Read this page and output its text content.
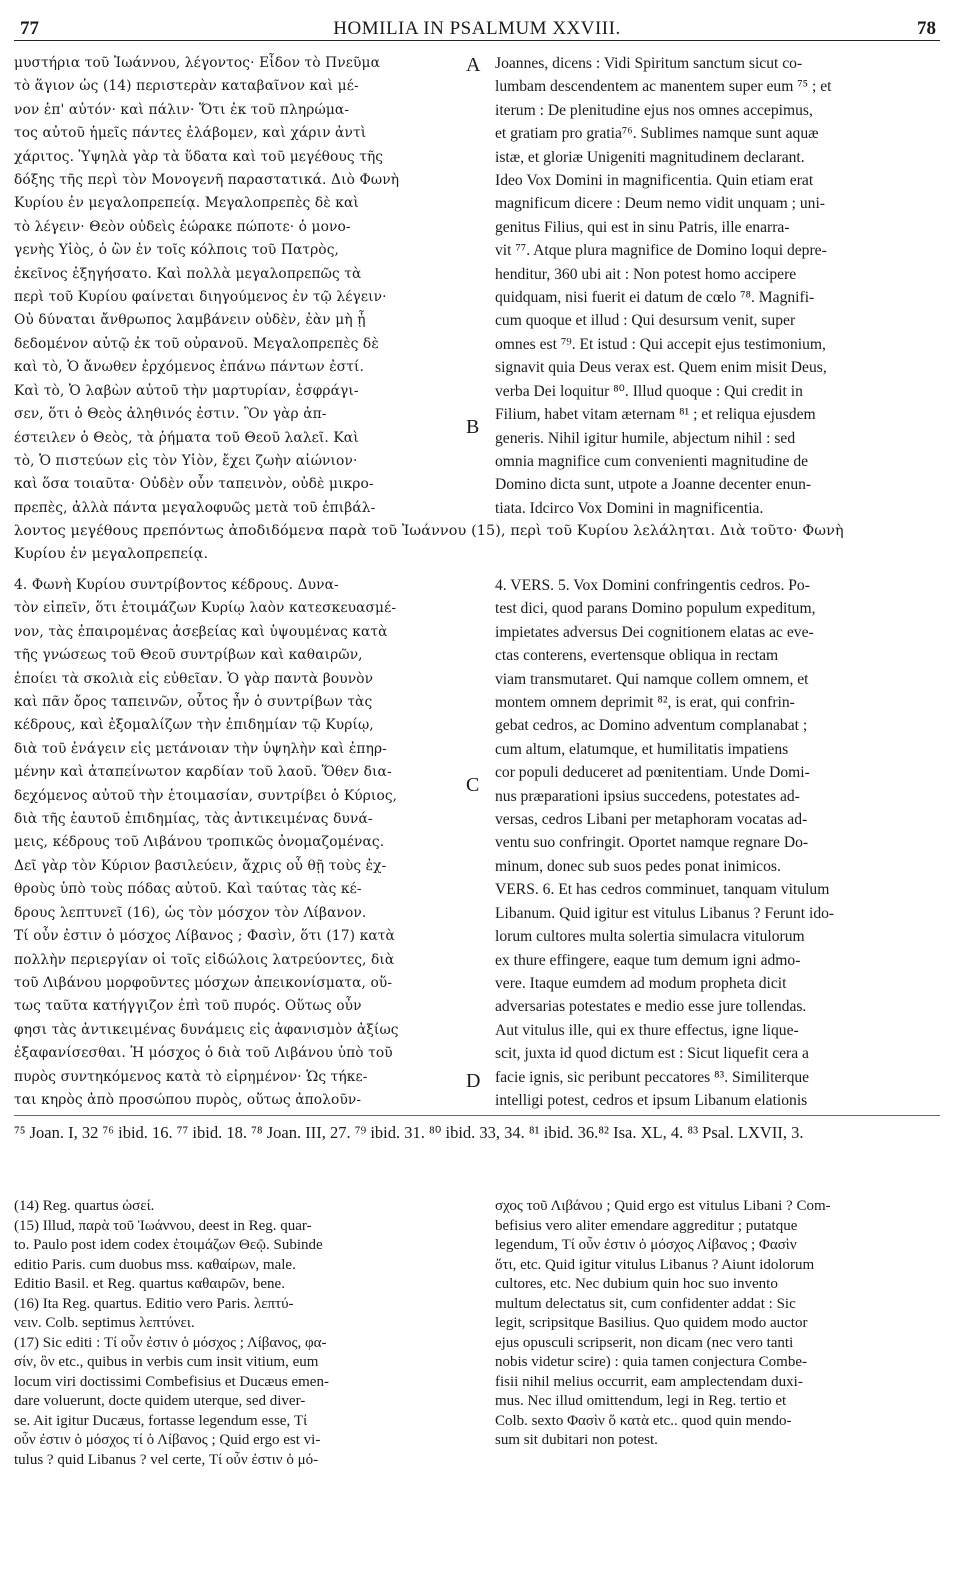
77	HOMILIA IN PSALMUM XXVIII.	78
μυστήρια τοῦ Ἰωάννου, λέγοντος· Εἶδον τὸ Πνεῦμα
τὸ ἅγιον ὡς (14) περιστερὰν καταβαῖνον καὶ μέ-
νον ἐπ' αὐτόν· καὶ πάλιν· Ὅτι ἐκ τοῦ πληρώμα-
τος αὐτοῦ ἡμεῖς πάντες ἐλάβομεν, καὶ χάριν ἀντὶ
χάριτος. Ὑψηλὰ γὰρ τὰ ὕδατα καὶ τοῦ μεγέθους τῆς
δόξης τῆς περὶ τὸν Μονογενῆ παραστατικά. Διὸ Φωνὴ
Κυρίου ἐν μεγαλοπρεπείᾳ. Μεγαλοπρεπὲς δὲ καὶ
τὸ λέγειν· Θεὸν οὐδεὶς ἑώρακε πώποτε· ὁ μονο-
γενὴς Υἱὸς, ὁ ὢν ἐν τοῖς κόλποις τοῦ Πατρὸς,
ἐκεῖνος ἐξηγήσατο. Καὶ πολλὰ μεγαλοπρεπῶς τὰ
περὶ τοῦ Κυρίου φαίνεται διηγούμενος ἐν τῷ λέγειν·
Οὐ δύναται ἄνθρωπος λαμβάνειν οὐδὲν, ἐὰν μὴ ᾖ
δεδομένον αὐτῷ ἐκ τοῦ οὐρανοῦ. Μεγαλοπρεπὲς δὲ
καὶ τὸ, Ὁ ἄνωθεν ἐρχόμενος ἐπάνω πάντων ἐστί.
Καὶ τὸ, Ὁ λαβὼν αὐτοῦ τὴν μαρτυρίαν, ἐσφράγι-
σεν, ὅτι ὁ Θεὸς ἀληθινός ἐστιν. Ὃν γὰρ ἀπ-
έστειλεν ὁ Θεὸς, τὰ ῥήματα τοῦ Θεοῦ λαλεῖ. Καὶ
τὸ, Ὁ πιστεύων εἰς τὸν Υἱὸν, ἔχει ζωὴν αἰώνιον·
καὶ ὅσα τοιαῦτα· Οὐδὲν οὖν ταπεινὸν, οὐδὲ μικρο-
πρεπὲς, ἀλλὰ πάντα μεγαλοφυῶς μετὰ τοῦ ἐπιβάλ-
Joannes, dicens : Vidi Spiritum sanctum sicut co-
lumbam descendentem ac manentem super eum ⁷⁵ ; et
iterum : De plenitudine ejus nos omnes accepimus,
et gratiam pro gratia⁷⁶. Sublimes namque sunt aquæ
istæ, et gloriæ Unigeniti magnitudinem declarant.
Ideo Vox Domini in magnificentia. Quin etiam erat
magnificum dicere : Deum nemo vidit unquam ; uni-
genitus Filius, qui est in sinu Patris, ille enarra-
vit ⁷⁷. Atque plura magnifice de Domino loqui depre-
henditur, 360 ubi ait : Non potest homo accipere
quidquam, nisi fuerit ei datum de cœlo ⁷⁸. Magnifi-
cum quoque et illud : Qui desursum venit, super
omnes est ⁷⁹. Et istud : Qui accepit ejus testimonium,
signavit quia Deus verax est. Quem enim misit Deus,
verba Dei loquitur ⁸⁰. Illud quoque : Qui credit in
Filium, habet vitam æternam ⁸¹ ; et reliqua ejusdem
generis. Nihil igitur humile, abjectum nihil : sed
omnia magnifice cum convenienti magnitudine de
Domino dicta sunt, utpote a Joanne decenter enun-
tiata. Idcirco Vox Domini in magnificentia.
A
B
C
D
λοντος μεγέθους πρεπόντως ἀποδιδόμενα παρὰ τοῦ Ἰωάννου (15), περὶ τοῦ Κυρίου λελάληται. Διὰ τοῦτο· Φωνὴ
Κυρίου ἐν μεγαλοπρεπείᾳ.
4. Φωνὴ Κυρίου συντρίβοντος κέδρους. Δυνα-
τὸν εἰπεῖν, ὅτι ἑτοιμάζων Κυρίῳ λαὸν κατεσκευασμέ-
νον, τὰς ἐπαιρομένας ἀσεβείας καὶ ὑψουμένας κατὰ
τῆς γνώσεως τοῦ Θεοῦ συντρίβων καὶ καθαιρῶν,
ἐποίει τὰ σκολιὰ εἰς εὐθεῖαν. Ὁ γὰρ παντὰ βουνὸν
καὶ πᾶν ὄρος ταπεινῶν, οὗτος ἦν ὁ συντρίβων τὰς
κέδρους, καὶ ἐξομαλίζων τὴν ἐπιδημίαν τῷ Κυρίῳ,
διὰ τοῦ ἐνάγειν εἰς μετάνοιαν τὴν ὑψηλὴν καὶ ἐπηρ-
μένην καὶ ἀταπείνωτον καρδίαν τοῦ λαοῦ. Ὅθεν δια-
δεχόμενος αὐτοῦ τὴν ἑτοιμασίαν, συντρίβει ὁ Κύριος,
διὰ τῆς ἑαυτοῦ ἐπιδημίας, τὰς ἀντικειμένας δυνά-
μεις, κέδρους τοῦ Λιβάνου τροπικῶς ὀνομαζομένας.
Δεῖ γὰρ τὸν Κύριον βασιλεύειν, ἄχρις οὗ θῇ τοὺς ἐχ-
θροὺς ὑπὸ τοὺς πόδας αὐτοῦ. Καὶ ταύτας τὰς κέ-
δρους λεπτυνεῖ (16), ὡς τὸν μόσχον τὸν Λίβανον.
Τί οὖν ἐστιν ὁ μόσχος Λίβανος ; Φασὶν, ὅτι (17) κατὰ
πολλὴν περιεργίαν οἱ τοῖς εἰδώλοις λατρεύοντες, διὰ
τοῦ Λιβάνου μορφοῦντες μόσχων ἀπεικονίσματα, οὕ-
τως ταῦτα κατήγγιζον ἐπὶ τοῦ πυρός. Οὕτως οὖν
φησι τὰς ἀντικειμένας δυνάμεις εἰς ἀφανισμὸν ἀξίως
ἐξαφανίσεσθαι. Ἡ μόσχος ὁ διὰ τοῦ Λιβάνου ὑπὸ τοῦ
πυρὸς συντηκόμενος κατὰ τὸ εἰρημένον· Ὡς τήκε-
ται κηρὸς ἀπὸ προσώπου πυρὸς, οὕτως ἀπολοῦν-
4. VERS. 5. Vox Domini confringentis cedros. Po-
test dici, quod parans Domino populum expeditum,
impietates adversus Dei cognitionem elatas ac eve-
ctas conterens, evertensque obliqua in rectam
viam transmutaret. Qui namque collem omnem, et
montem omnem deprimit ⁸², is erat, qui confrin-
gebat cedros, ac Domino adventum complanabat ;
cum altum, elatumque, et humilitatis impatiens
cor populi deduceret ad pœnitentiam. Unde Domi-
nus præparationi ipsius succedens, potestates ad-
versas, cedros Libani per metaphoram vocatas ad-
ventu suo confringit. Oportet namque regnare Do-
minum, donec sub suos pedes ponat inimicos.
VERS. 6. Et has cedros comminuet, tanquam vitulum
Libanum. Quid igitur est vitulus Libanus ? Ferunt ido-
lorum cultores multa solertia simulacra vitulorum
ex thure effingere, eaque tum demum igni admo-
vere. Itaque eumdem ad modum propheta dicit
adversarias potestates e medio esse jure tollendas.
Aut vitulus ille, qui ex thure effectus, igne lique-
scit, juxta id quod dictum est : Sicut liquefit cera a
facie ignis, sic peribunt peccatores ⁸³. Similiterque
intelligi potest, cedros et ipsum Libanum elationis
⁷⁵ Joan. I, 32 ⁷⁶ ibid. 16. ⁷⁷ ibid. 18. ⁷⁸ Joan. III, 27. ⁷⁹ ibid. 31. ⁸⁰ ibid. 33, 34. ⁸¹ ibid. 36.⁸² Isa. XL, 4. ⁸³ Psal. LXVII, 3.
(14) Reg. quartus ὡσεί.
(15) Illud, παρὰ τοῦ Ἰωάννου, deest in Reg. quar-
to. Paulo post idem codex ἑτοιμάζων Θεῷ. Subinde
editio Paris. cum duobus mss. καθαίρων, male.
Editio Basil. et Reg. quartus καθαιρῶν, bene.
(16) Ita Reg. quartus. Editio vero Paris. λεπτύ-
νειν. Colb. septimus λεπτύνει.
(17) Sic editi : Τί οὖν ἐστιν ὁ μόσχος ; Λίβανος, φα-
σίν, ὃν etc., quibus in verbis cum insit vitium, eum
locum viri doctissimi Combefisius et Ducæus emen-
dare voluerunt, docte quidem uterque, sed diver-
se. Ait igitur Ducæus, fortasse legendum esse, Τί
οὖν ἐστιν ὁ μόσχος τί ὁ Λίβανος ; Quid ergo est vi-
tulus ? quid Libanus ? vel certe, Τί οὖν ἐστιν ὁ μό-
σχος τοῦ Λιβάνου ; Quid ergo est vitulus Libani ? Com-
befisius vero aliter emendare aggreditur ; putatque
legendum, Τί οὖν ἐστιν ὁ μόσχος Λίβανος ; Φασὶν
ὅτι, etc. Quid igitur vitulus Libanus ? Aiunt idolorum
cultores, etc. Nec dubium quin hoc suo invento
multum delectatus sit, cum confidenter addat : Sic
legit, scripsitque Basilius. Quo quidem modo auctor
ejus opusculi scripserit, non dicam (nec vero tanti
nobis videtur scire) : quia tamen conjectura Combe-
fisii nihil melius occurrit, eam amplectendam duxi-
mus. Nec illud omittendum, legi in Reg. tertio et
Colb. sexto Φασὶν ὅ κατὰ etc.. quod quin mendo-
sum sit dubitari non potest.
